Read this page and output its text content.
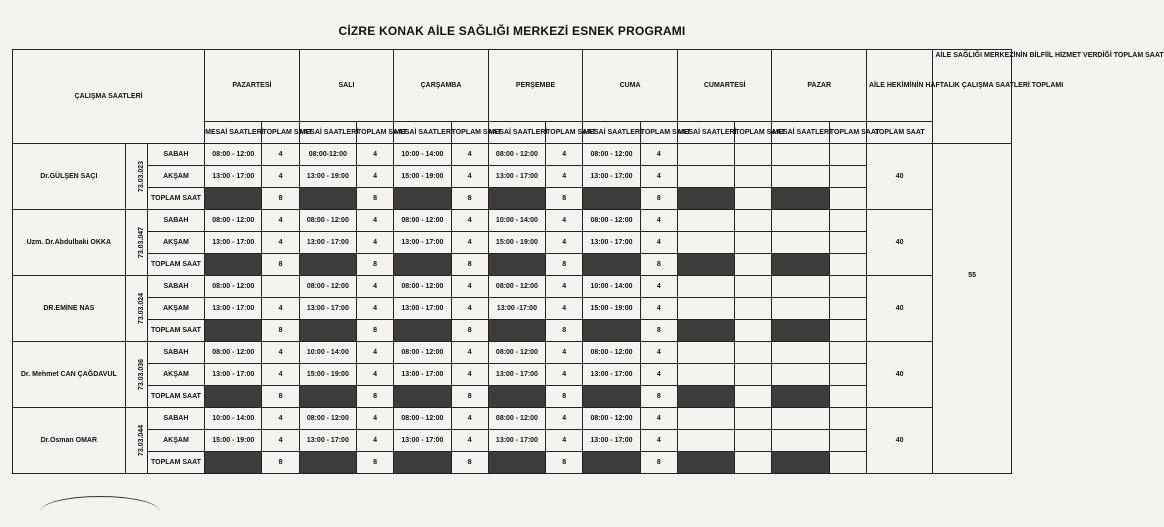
CİZRE KONAK AİLE SAĞLIĞI MERKEZİ ESNEK PROGRAMI
ÇALIŞMA SAATLERİ			PAZARTESİ		SALI		ÇARŞAMBA		PERŞEMBE		CUMA		CUMARTESİ		PAZAR		AİLE HEKİMİNİN HAFTALIK ÇALIŞMA SAATLERİ TOPLAMI	AİLE SAĞLIĞI MERKEZİNİN BİLFİİL HİZMET VERDİĞİ TOPLAM SAAT
			MESAİ SAATLERİ	TOPLAM SAAT	MESAİ SAATLERİ	TOPLAM SAAT	MESAİ SAATLERİ	TOPLAM SAAT	MESAİ SAATLERİ	TOPLAM SAAT	MESAİ SAATLERİ	TOPLAM SAAT	MESAİ SAATLERİ	TOPLAM SAAT	MESAİ SAATLERİ	TOPLAM SAAT	TOPLAM SAAT	
Dr.GÜLŞEN SAÇI	73.03.023	SABAH	08:00 - 12:00	4	08:00-12:00	4	10:00 - 14:00	4	08:00 - 12:00	4	08:00 - 12:00	4					40	55
		AKŞAM	13:00 - 17:00	4	13:00 - 19:00	4	15:00 - 19:00	4	13:00 - 17:00	4	13:00 - 17:00	4						
		TOPLAM SAAT		8		8		8		8		8						
Uzm. Dr.Abdulbaki OKKA	73.03.047	SABAH	08:00 - 12:00	4	08:00 - 12:00	4	08:00 - 12:00	4	10:00 - 14:00	4	08:00 - 12:00	4					40	
		AKŞAM	13:00 - 17:00	4	13:00 - 17:00	4	13:00 - 17:00	4	15:00 - 19:00	4	13:00 - 17:00	4						
		TOPLAM SAAT		8		8		8		8		8						
DR.EMİNE NAS	73.03.024	SABAH	08:00 - 12:00		08:00 - 12:00	4	08:00 - 12:00	4	08:00 - 12:00	4	10:00 - 14:00	4					40	
		AKŞAM	13:00 - 17:00	4	13:00 - 17:00	4	13:00 - 17:00	4	13:00 -17:00	4	15:00 - 19:00	4						
		TOPLAM SAAT		8		8		8		8		8						
Dr. Mehmet CAN ÇAĞDAVUL	73.03.036	SABAH	08:00 - 12:00	4	10:00 - 14:00	4	08:00 - 12:00	4	08:00 - 12:00	4	08:00 - 12:00	4					40	
		AKŞAM	13:00 - 17:00	4	15:00 - 19:00	4	13:00 - 17:00	4	13:00 - 17:00	4	13:00 - 17:00	4						
		TOPLAM SAAT		8		8		8		8		8						
Dr.Osman OMAR	73.03.044	SABAH	10:00 - 14:00	4	08:00 - 12:00	4	08:00 - 12:00	4	08:00 - 12:00	4	08:00 - 12:00	4					40	
		AKŞAM	15:00 - 19:00	4	13:00 - 17:00	4	13:00 - 17:00	4	13:00 - 17:00	4	13:00 - 17:00	4						
		TOPLAM SAAT		8		8		8		8		8						
